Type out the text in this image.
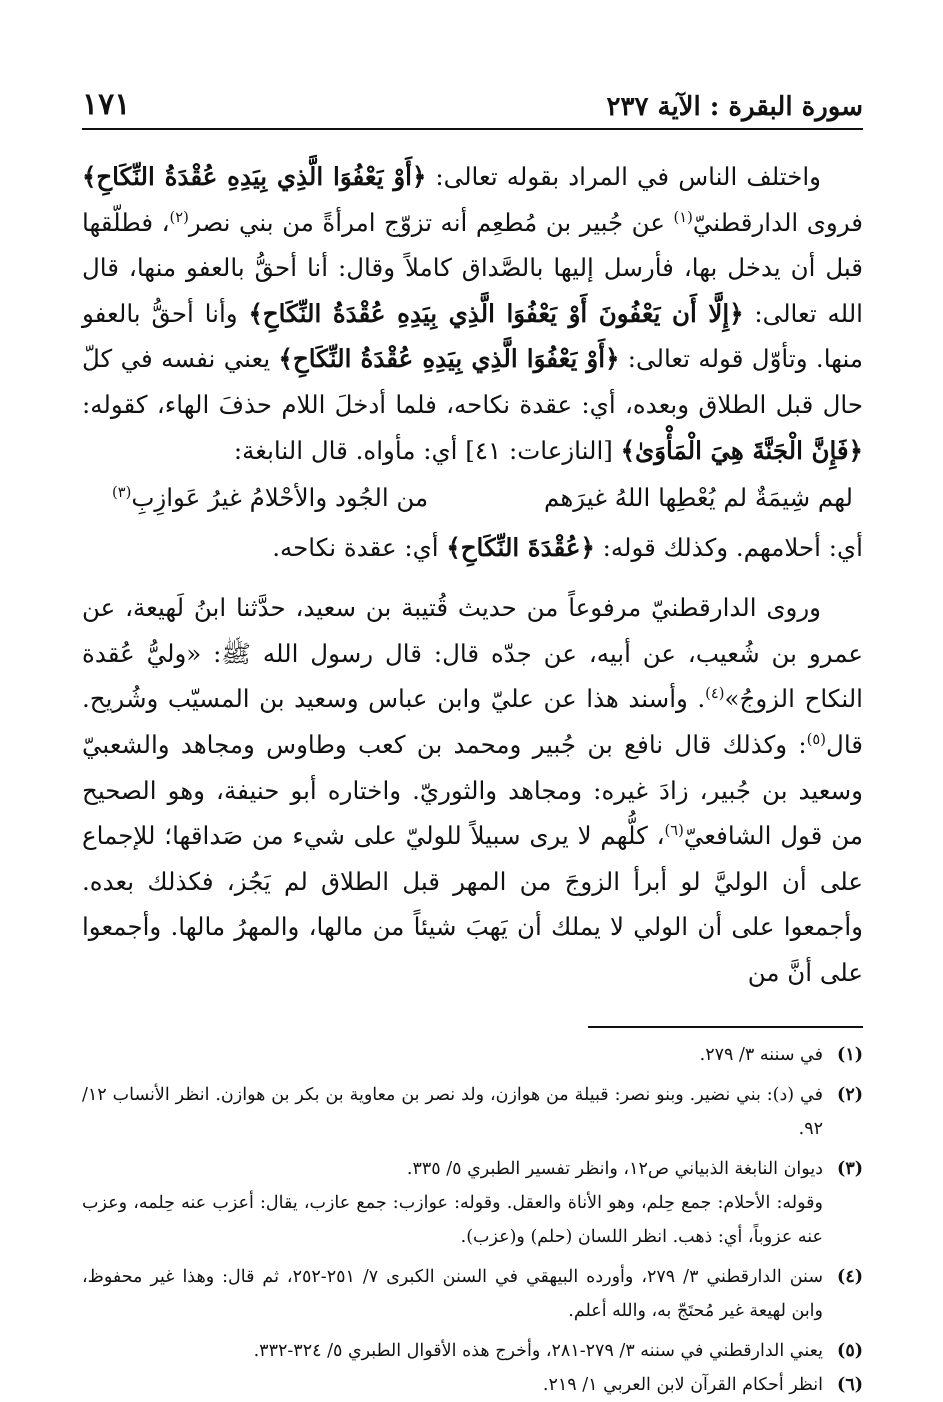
سورة البقرة : الآية ٢٣٧
١٧١

واختلف الناس في المراد بقوله تعالى: ﴿أَوْ يَعْفُوَا الَّذِي بِيَدِهِ عُقْدَةُ النِّكَاحِ﴾ فروى الدارقطنيّ$^{(١)}$ عن جُبير بن مُطعِم أنه تزوّج امرأةً من بني نصر$^{(٢)}$، فطلّقها قبل أن يدخل بها، فأرسل إليها بالصَّداق كاملاً وقال: أنا أحقُّ بالعفو منها، قال الله تعالى: ﴿إِلَّا أَن يَعْفُونَ أَوْ يَعْفُوَا الَّذِي بِيَدِهِ عُقْدَةُ النِّكَاحِ﴾ وأنا أحقُّ بالعفو منها. وتأوّل قوله تعالى: ﴿أَوْ يَعْفُوَا الَّذِي بِيَدِهِ عُقْدَةُ النِّكَاحِ﴾ يعني نفسه في كلّ حال قبل الطلاق وبعده، أي: عقدة نكاحه، فلما أدخلَ اللام حذفَ الهاء، كقوله: ﴿فَإِنَّ الْجَنَّةَ هِيَ الْمَأْوَىٰ﴾ [النازعات: ٤١] أي: مأواه. قال النابغة:

لهم شِيمَةٌ لم يُعْطِها اللهُ غيرَهم
من الجُود والأحْلامُ غيرُ عَوازِبِ$^{(٣)}$

أي: أحلامهم. وكذلك قوله: ﴿عُقْدَةَ النِّكَاحِ﴾ أي: عقدة نكاحه.

وروى الدارقطنيّ مرفوعاً من حديث قُتيبة بن سعيد، حدَّثنا ابنُ لَهيعة، عن عمرو بن شُعيب، عن أبيه، عن جدّه قال: قال رسول الله ﷺ: «وليُّ عُقدة النكاح الزوجُ»$^{(٤)}$. وأسند هذا عن عليّ وابن عباس وسعيد بن المسيّب وشُريح. قال$^{(٥)}$: وكذلك قال نافع بن جُبير ومحمد بن كعب وطاوس ومجاهد والشعبيّ وسعيد بن جُبير، زادَ غيره: ومجاهد والثوريّ. واختاره أبو حنيفة، وهو الصحيح من قول الشافعيّ$^{(٦)}$، كلُّهم لا يرى سبيلاً للوليّ على شيء من صَداقها؛ للإجماع على أن الوليَّ لو أبرأ الزوجَ من المهر قبل الطلاق لم يَجُز، فكذلك بعده. وأجمعوا على أن الولي لا يملك أن يَهبَ شيئاً من مالها، والمهرُ مالها. وأجمعوا على أنَّ من

(١)
في سننه ٣/ ٢٧٩.
(٢)
في (د): بني نضير. وبنو نصر: قبيلة من هوازن، ولد نصر بن معاوية بن بكر بن هوازن. انظر الأنساب ١٢/ ٩٢.
(٣)
ديوان النابغة الذبياني ص١٢، وانظر تفسير الطبري ٥/ ٣٣٥.

وقوله: الأحلام: جمع حِلم، وهو الأناة والعقل. وقوله: عوازب: جمع عازب، يقال: أعزب عنه حِلمه، وعزب عنه عزوباً، أي: ذهب. انظر اللسان (حلم) و(عزب).

(٤)
سنن الدارقطني ٣/ ٢٧٩، وأورده البيهقي في السنن الكبرى ٧/ ٢٥١-٢٥٢، ثم قال: وهذا غير محفوظ، وابن لهيعة غير مُحتَجّ به، والله أعلم.
(٥)
يعني الدارقطني في سننه ٣/ ٢٧٩-٢٨١، وأخرج هذه الأقوال الطبري ٥/ ٣٢٤-٣٣٢.
(٦)
انظر أحكام القرآن لابن العربي ١/ ٢١٩.
